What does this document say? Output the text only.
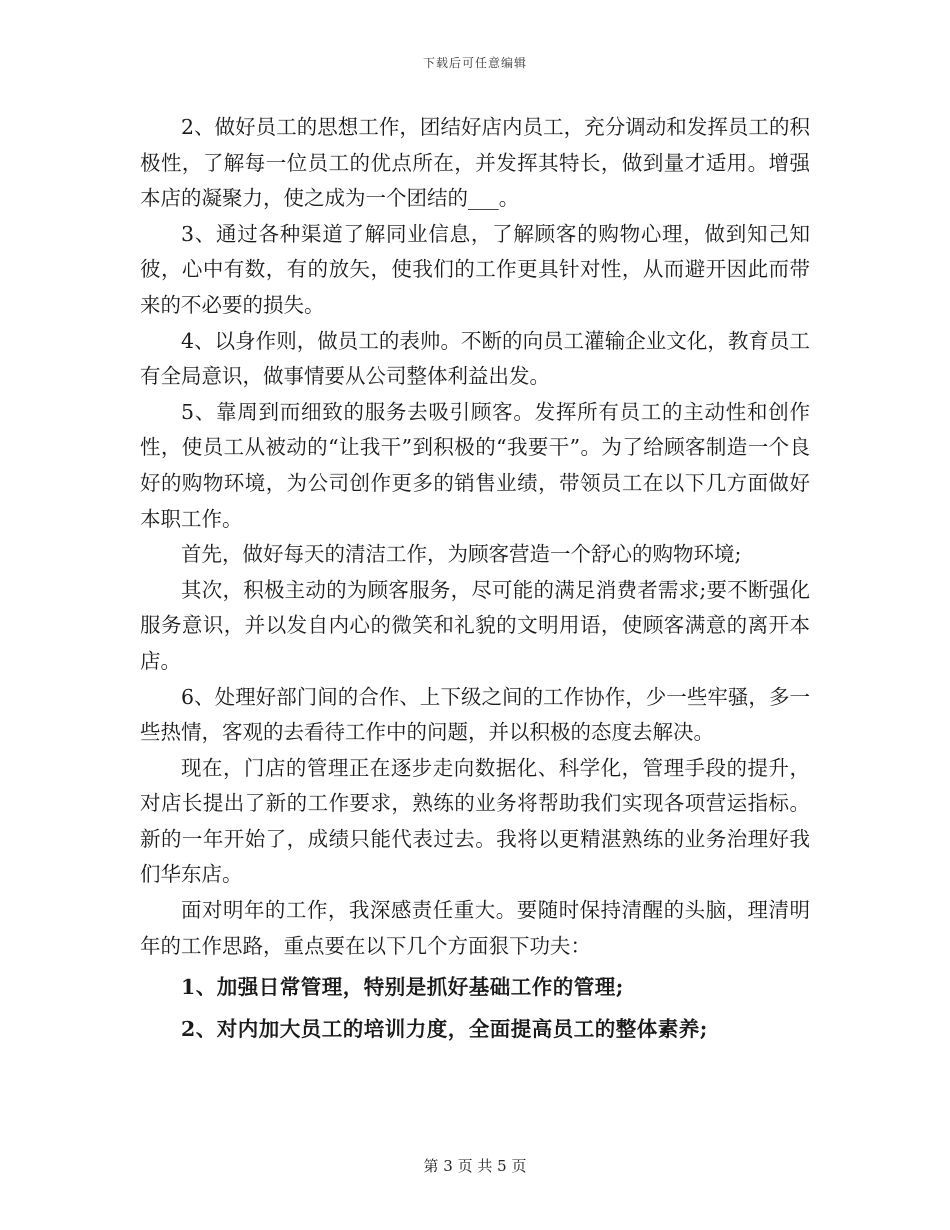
下载后可任意编辑

2、做好员工的思想工作，团结好店内员工，充分调动和发挥员工的积极性，了解每一位员工的优点所在，并发挥其特长，做到量才适用。增强本店的凝聚力，使之成为一个团结的___。

3、通过各种渠道了解同业信息，了解顾客的购物心理，做到知己知彼，心中有数，有的放矢，使我们的工作更具针对性，从而避开因此而带来的不必要的损失。

4、以身作则，做员工的表帅。不断的向员工灌输企业文化，教育员工有全局意识，做事情要从公司整体利益出发。

5、靠周到而细致的服务去吸引顾客。发挥所有员工的主动性和创作性，使员工从被动的“让我干”到积极的“我要干”。为了给顾客制造一个良好的购物环境，为公司创作更多的销售业绩，带领员工在以下几方面做好本职工作。

首先，做好每天的清洁工作，为顾客营造一个舒心的购物环境;

其次，积极主动的为顾客服务，尽可能的满足消费者需求;要不断强化服务意识，并以发自内心的微笑和礼貌的文明用语，使顾客满意的离开本店。

6、处理好部门间的合作、上下级之间的工作协作，少一些牢骚，多一些热情，客观的去看待工作中的问题，并以积极的态度去解决。

现在，门店的管理正在逐步走向数据化、科学化，管理手段的提升，对店长提出了新的工作要求，熟练的业务将帮助我们实现各项营运指标。新的一年开始了，成绩只能代表过去。我将以更精湛熟练的业务治理好我们华东店。

面对明年的工作，我深感责任重大。要随时保持清醒的头脑，理清明年的工作思路，重点要在以下几个方面狠下功夫：

1、加强日常管理，特别是抓好基础工作的管理;

2、对内加大员工的培训力度，全面提高员工的整体素养;

第 3 页 共 5 页
